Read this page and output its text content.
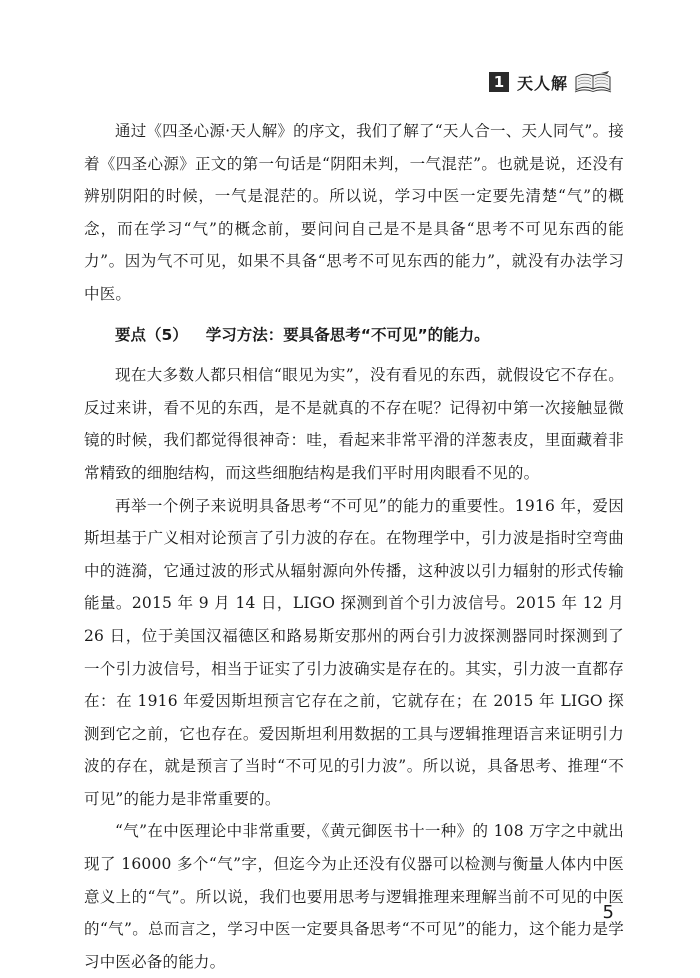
1 天人解

通过《四圣心源·天人解》的序文，我们了解了“天人合一、天人同气”。接着《四圣心源》正文的第一句话是“阴阳未判，一气混茫”。也就是说，还没有辨别阴阳的时候，一气是混茫的。所以说，学习中医一定要先清楚“气”的概念，而在学习“气”的概念前，要问问自己是不是具备“思考不可见东西的能力”。因为气不可见，如果不具备“思考不可见东西的能力”，就没有办法学习中医。

要点（5） 学习方法：要具备思考“不可见”的能力。

现在大多数人都只相信“眼见为实”，没有看见的东西，就假设它不存在。反过来讲，看不见的东西，是不是就真的不存在呢？记得初中第一次接触显微镜的时候，我们都觉得很神奇：哇，看起来非常平滑的洋葱表皮，里面藏着非常精致的细胞结构，而这些细胞结构是我们平时用肉眼看不见的。

再举一个例子来说明具备思考“不可见”的能力的重要性。1916 年，爱因斯坦基于广义相对论预言了引力波的存在。在物理学中，引力波是指时空弯曲中的涟漪，它通过波的形式从辐射源向外传播，这种波以引力辐射的形式传输能量。2015 年 9 月 14 日，LIGO 探测到首个引力波信号。2015 年 12 月 26 日，位于美国汉福德区和路易斯安那州的两台引力波探测器同时探测到了一个引力波信号，相当于证实了引力波确实是存在的。其实，引力波一直都存在：在 1916 年爱因斯坦预言它存在之前，它就存在；在 2015 年 LIGO 探测到它之前，它也存在。爱因斯坦利用数据的工具与逻辑推理语言来证明引力波的存在，就是预言了当时“不可见的引力波”。所以说，具备思考、推理“不可见”的能力是非常重要的。

“气”在中医理论中非常重要，《黄元御医书十一种》的 108 万字之中就出现了 16000 多个“气”字，但迄今为止还没有仪器可以检测与衡量人体内中医意义上的“气”。所以说，我们也要用思考与逻辑推理来理解当前不可见的中医的“气”。总而言之，学习中医一定要具备思考“不可见”的能力，这个能力是学习中医必备的能力。

5
